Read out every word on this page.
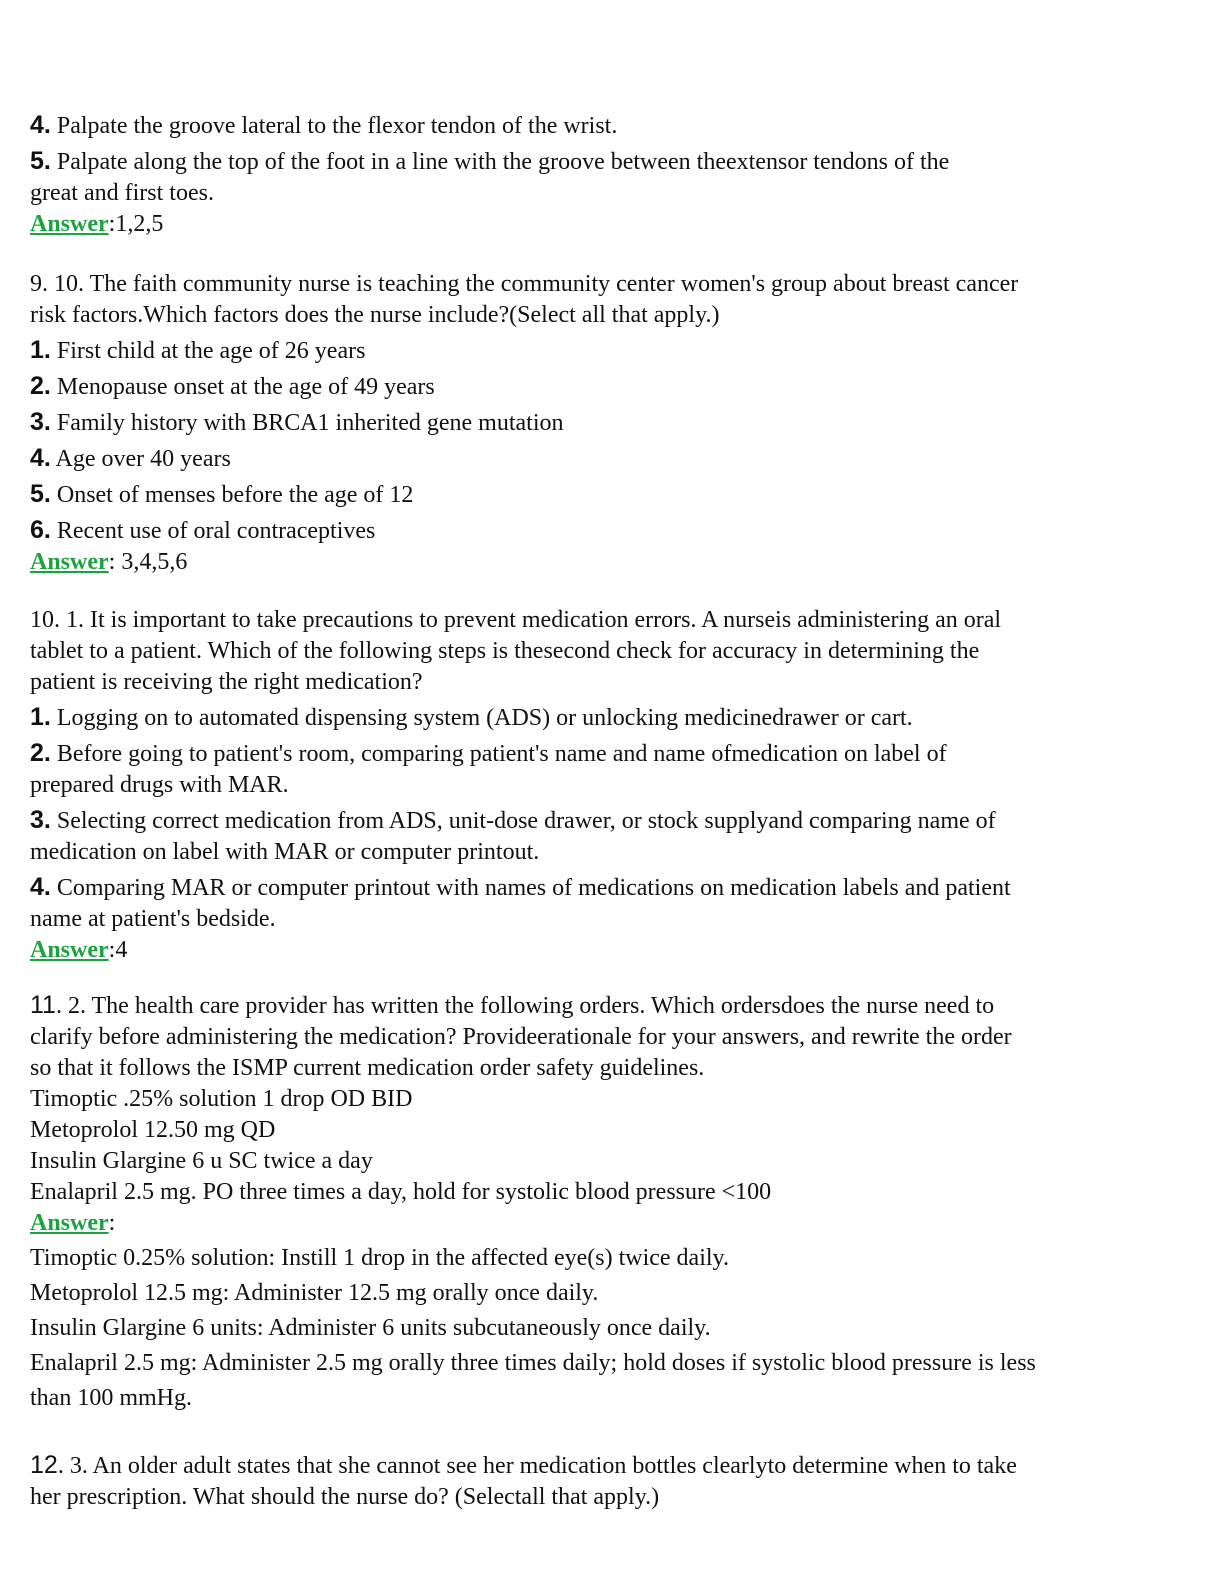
4. Palpate the groove lateral to the flexor tendon of the wrist.
5. Palpate along the top of the foot in a line with the groove between theextensor tendons of the
great and first toes.
Answer:1,2,5
9. 10. The faith community nurse is teaching the community center women's group about breast cancer
risk factors.Which factors does the nurse include?(Select all that apply.)
1. First child at the age of 26 years
2. Menopause onset at the age of 49 years
3. Family history with BRCA1 inherited gene mutation
4. Age over 40 years
5. Onset of menses before the age of 12
6. Recent use of oral contraceptives
Answer: 3,4,5,6
10. 1. It is important to take precautions to prevent medication errors. A nurseis administering an oral
tablet to a patient. Which of the following steps is thesecond check for accuracy in determining the
patient is receiving the right medication?
1. Logging on to automated dispensing system (ADS) or unlocking medicinedrawer or cart.
2. Before going to patient's room, comparing patient's name and name ofmedication on label of
prepared drugs with MAR.
3. Selecting correct medication from ADS, unit-dose drawer, or stock supplyand comparing name of
medication on label with MAR or computer printout.
4. Comparing MAR or computer printout with names of medications on medication labels and patient
name at patient's bedside.
Answer:4
11. 2. The health care provider has written the following orders. Which ordersdoes the nurse need to
clarify before administering the medication? Provideerationale for your answers, and rewrite the order
so that it follows the ISMP current medication order safety guidelines.
Timoptic .25% solution 1 drop OD BID
Metoprolol 12.50 mg QD
Insulin Glargine 6 u SC twice a day
Enalapril 2.5 mg. PO three times a day, hold for systolic blood pressure <100
Answer:
Timoptic 0.25% solution: Instill 1 drop in the affected eye(s) twice daily.
Metoprolol 12.5 mg: Administer 12.5 mg orally once daily.
Insulin Glargine 6 units: Administer 6 units subcutaneously once daily.
Enalapril 2.5 mg: Administer 2.5 mg orally three times daily; hold doses if systolic blood pressure is less
than 100 mmHg.
12. 3. An older adult states that she cannot see her medication bottles clearlyto determine when to take
her prescription. What should the nurse do? (Selectall that apply.)
